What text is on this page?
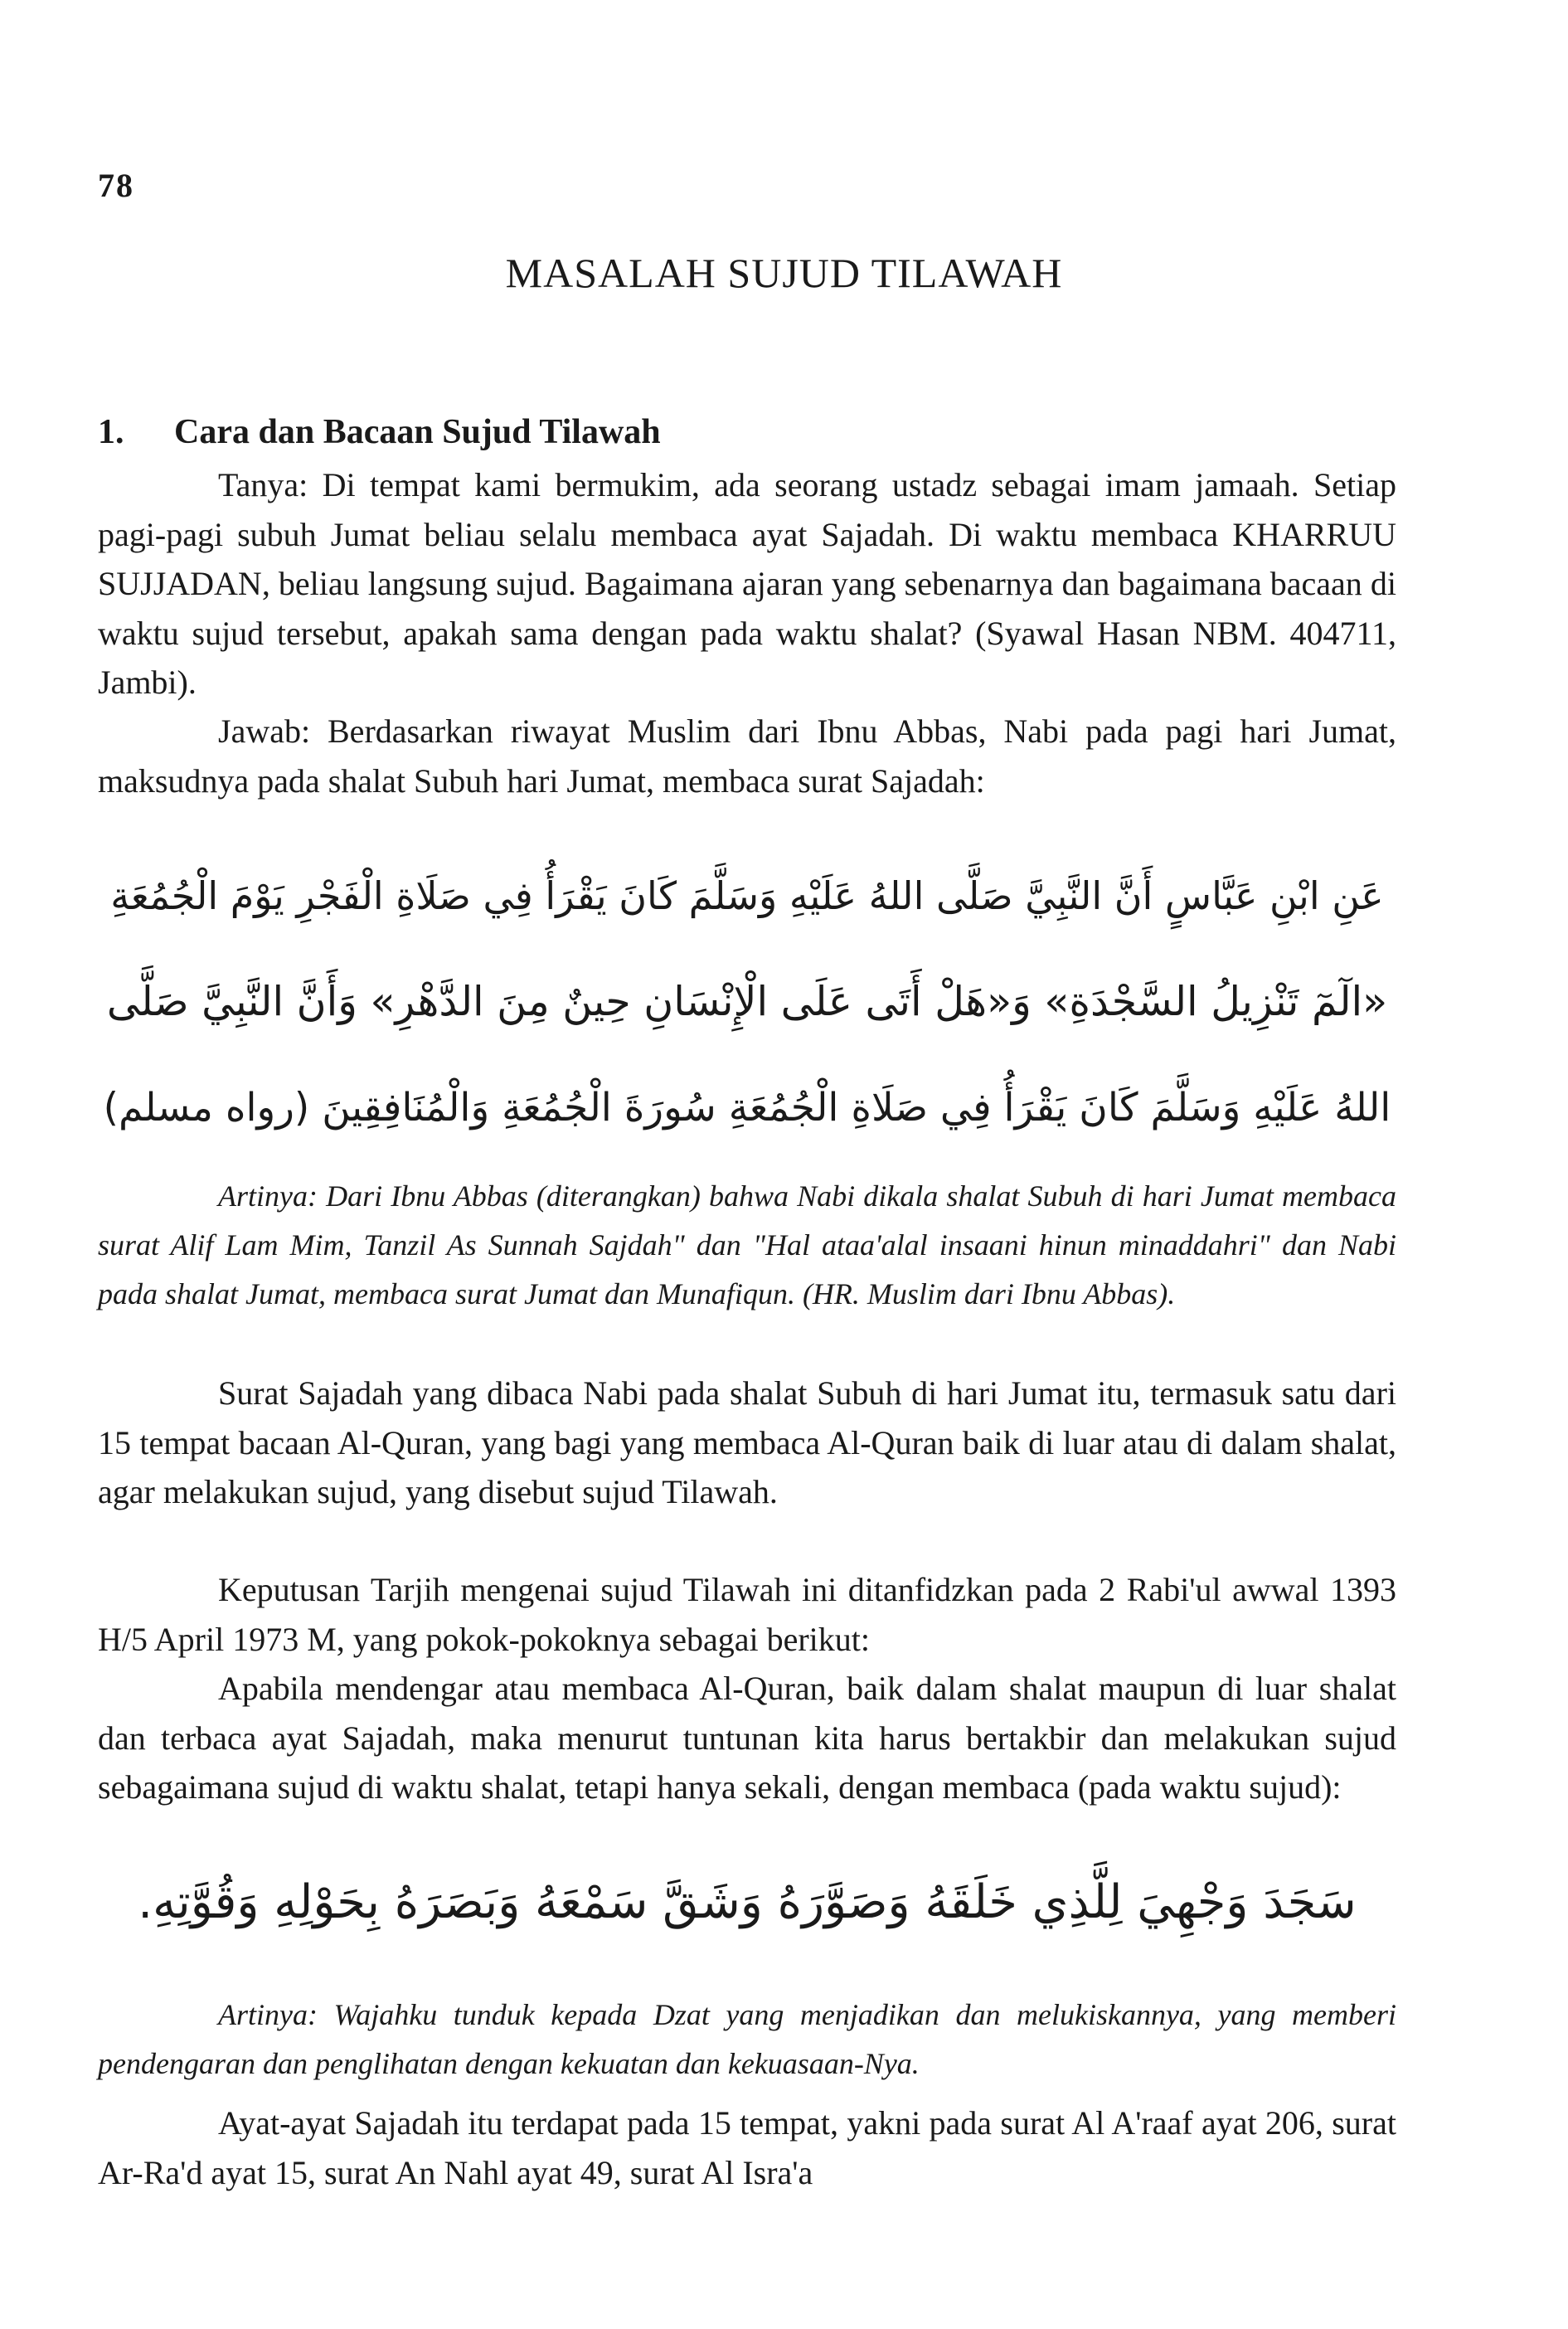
78
MASALAH SUJUD TILAWAH
1. Cara dan Bacaan Sujud Tilawah

Tanya: Di tempat kami bermukim, ada seorang ustadz sebagai imam jamaah. Setiap pagi-pagi subuh Jumat beliau selalu membaca ayat Sajadah. Di waktu membaca KHARRUU SUJJADAN, beliau langsung sujud. Bagaimana ajaran yang sebenarnya dan bagaimana bacaan di waktu sujud tersebut, apakah sama dengan pada waktu shalat? (Syawal Hasan NBM. 404711, Jambi).

Jawab: Berdasarkan riwayat Muslim dari Ibnu Abbas, Nabi pada pagi hari Jumat, maksudnya pada shalat Subuh hari Jumat, membaca surat Sajadah:

عَنِ ابْنِ عَبَّاسٍ أَنَّ النَّبِيَّ صَلَّى اللهُ عَلَيْهِ وَسَلَّمَ كَانَ يَقْرَأُ فِي صَلَاةِ الْفَجْرِ يَوْمَ الْجُمُعَةِ
«الٓمٓ تَنْزِيلُ السَّجْدَةِ» وَ«هَلْ أَتَى عَلَى الْإِنْسَانِ حِينٌ مِنَ الدَّهْرِ» وَأَنَّ النَّبِيَّ صَلَّى
اللهُ عَلَيْهِ وَسَلَّمَ كَانَ يَقْرَأُ فِي صَلَاةِ الْجُمُعَةِ سُورَةَ الْجُمُعَةِ وَالْمُنَافِقِينَ (رواه مسلم)

Artinya: Dari Ibnu Abbas (diterangkan) bahwa Nabi dikala shalat Subuh di hari Jumat membaca surat Alif Lam Mim, Tanzil As Sunnah Sajdah" dan "Hal ataa'alal insaani hinun minaddahri" dan Nabi pada shalat Jumat, membaca surat Jumat dan Munafiqun. (HR. Muslim dari Ibnu Abbas).

Surat Sajadah yang dibaca Nabi pada shalat Subuh di hari Jumat itu, termasuk satu dari 15 tempat bacaan Al-Quran, yang bagi yang membaca Al-Quran baik di luar atau di dalam shalat, agar melakukan sujud, yang disebut sujud Tilawah.

Keputusan Tarjih mengenai sujud Tilawah ini ditanfidzkan pada 2 Rabi'ul awwal 1393 H/5 April 1973 M, yang pokok-pokoknya sebagai berikut:

Apabila mendengar atau membaca Al-Quran, baik dalam shalat maupun di luar shalat dan terbaca ayat Sajadah, maka menurut tuntunan kita harus bertakbir dan melakukan sujud sebagaimana sujud di waktu shalat, tetapi hanya sekali, dengan membaca (pada waktu sujud):

سَجَدَ وَجْهِيَ لِلَّذِي خَلَقَهُ وَصَوَّرَهُ وَشَقَّ سَمْعَهُ وَبَصَرَهُ بِحَوْلِهِ وَقُوَّتِهِ.

Artinya: Wajahku tunduk kepada Dzat yang menjadikan dan melukiskannya, yang memberi pendengaran dan penglihatan dengan kekuatan dan kekuasaan-Nya.

Ayat-ayat Sajadah itu terdapat pada 15 tempat, yakni pada surat Al A'raaf ayat 206, surat Ar-Ra'd ayat 15, surat An Nahl ayat 49, surat Al Isra'a
